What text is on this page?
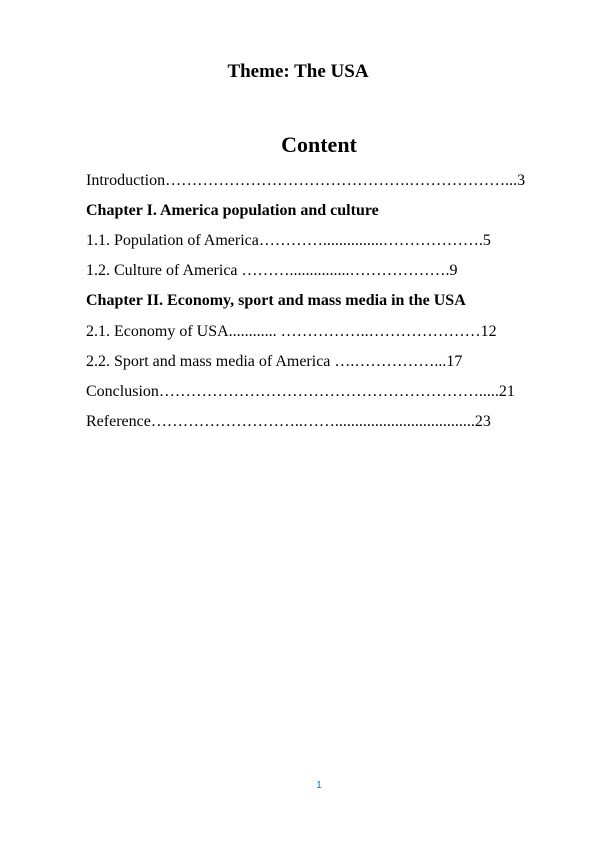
Theme: The USA
Content
Introduction……………………………………….………………...3
Chapter I. America population and culture
1.1. Population of America…………...............……………….5
1.2. Culture of America ………...............……………….9
Chapter II. Economy, sport and mass media in the USA
2.1. Economy of USA............ ……………..…………………12
2.2. Sport and mass media of America ….……………...17
Conclusion…………………………………………………….....21
Reference………………………..……...................................23
1
